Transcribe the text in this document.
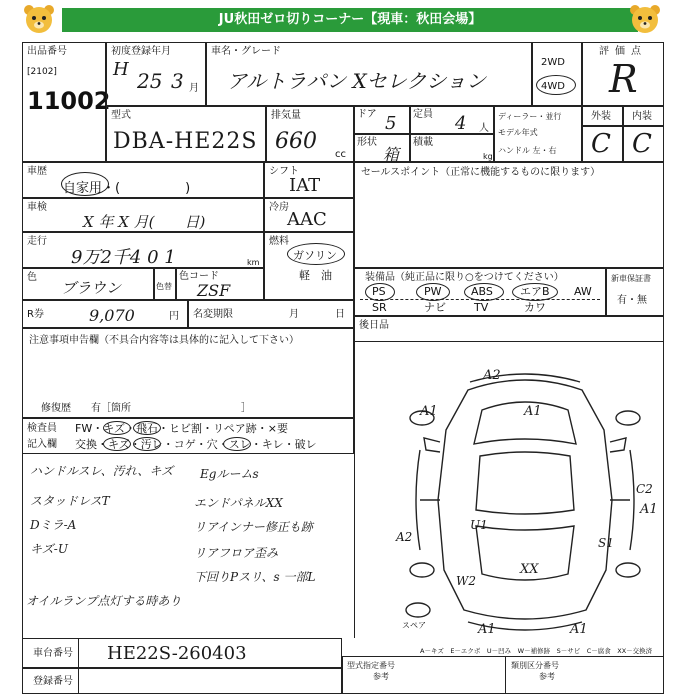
JU秋田ゼロ切りコーナー【現車：秋田会場】
出品番号
[2102]
11002
初度登録年月
H 25 3 月
車名・グレード
アルトラパン Xセレクション
2WD
4WD
評価点
R
型式
DBA-HE22S
排気量
660
cc
ドア 5 定員 4 人
形状
箱
積載
kg
ディーラー・並行
モデル年式
ハンドル 左・右
外装 内装
C C
車歴
自家用・(　　　　　)
シフト
IAT
車検
X 年 X 月(　　日)
冷房
AAC
走行
9万2千4 0 1	km
燃料
ガソリン
軽　油
色
ブラウン	色替
色コード
ZSF
R券	9,070	円 名変期限	月	日
セールスポイント（正常に機能するものに限ります）
装備品（純正品に限り○をつけてください）	新車保証書
有・無
後日品
PS	PW	ABS エアB AW
SR	ナビ	TV	カワ
注意事項申告欄（不具合内容等は具体的に記入して下さい）
修復歴　　有［箇所　　　　　　　　　　　］
検査員
記入欄
FW・キズ・飛石・ヒビ割・リペア跡・×要
交換・キズ・汚レ・コゲ・穴・スレ・キレ・破レ
ハンドルスレ、汚れ、キズ
スタッドレスT
Dミラ-A
キズ-U
オイルランプ点灯する時あり
Egルームs
エンドパネルXX
リアインナー修正も跡
リアフロア歪み
下回りPスリ、s 一部L
A2
A1	A1
A1
C2
S1
A2
U1
XX
W2
A1	A1
スペア
A－キズ　E－エクボ　U－凹み　W－補修跡　S－サビ　C－腐食　XX－交換済
車台番号 HE22S-260403
登録番号
型式指定番号
参考
類別区分番号
参考
